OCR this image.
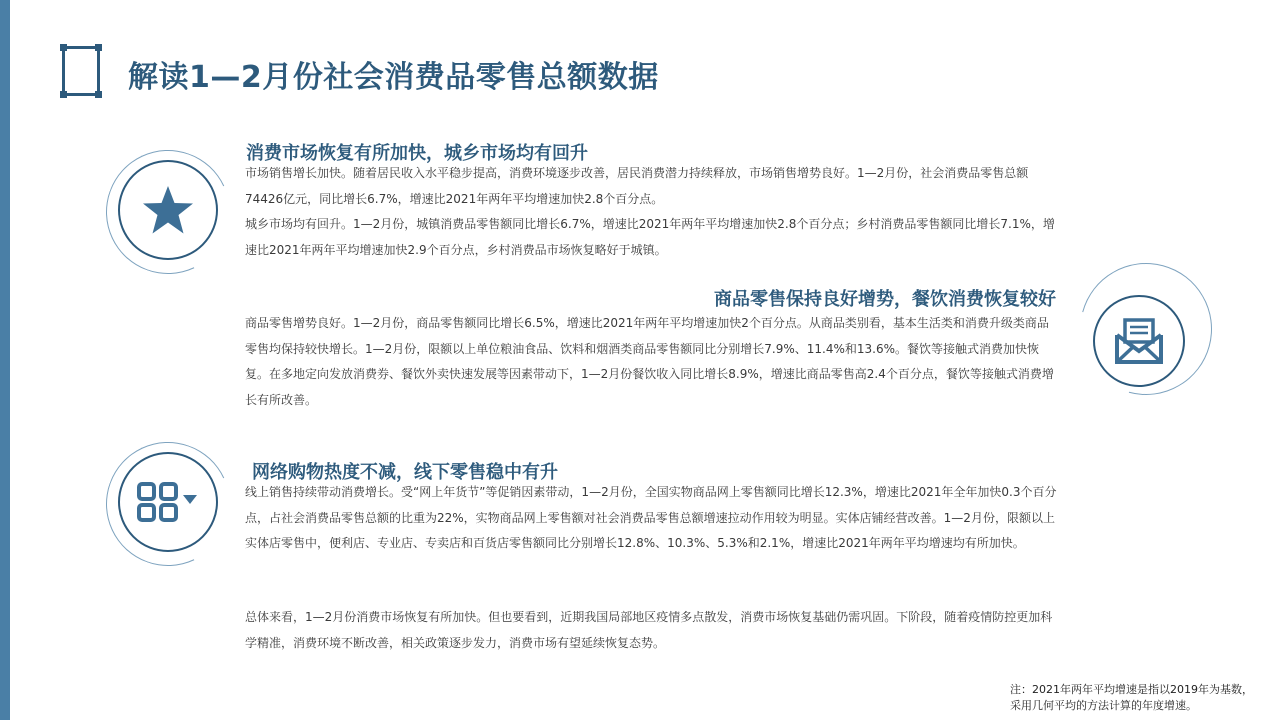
解读1—2月份社会消费品零售总额数据
消费市场恢复有所加快，城乡市场均有回升

市场销售增长加快。随着居民收入水平稳步提高，消费环境逐步改善，居民消费潜力持续释放，市场销售增势良好。1—2月份，社会消费品零售总额74426亿元，同比增长6.7%，增速比2021年两年平均增速加快2.8个百分点。

城乡市场均有回升。1—2月份，城镇消费品零售额同比增长6.7%，增速比2021年两年平均增速加快2.8个百分点；乡村消费品零售额同比增长7.1%，增速比2021年两年平均增速加快2.9个百分点，乡村消费品市场恢复略好于城镇。

商品零售保持良好增势，餐饮消费恢复较好

商品零售增势良好。1—2月份，商品零售额同比增长6.5%，增速比2021年两年平均增速加快2个百分点。从商品类别看，基本生活类和消费升级类商品零售均保持较快增长。1—2月份，限额以上单位粮油食品、饮料和烟酒类商品零售额同比分别增长7.9%、11.4%和13.6%。餐饮等接触式消费加快恢复。在多地定向发放消费券、餐饮外卖快速发展等因素带动下，1—2月份餐饮收入同比增长8.9%，增速比商品零售高2.4个百分点，餐饮等接触式消费增长有所改善。

网络购物热度不减，线下零售稳中有升

线上销售持续带动消费增长。受“网上年货节”等促销因素带动，1—2月份，全国实物商品网上零售额同比增长12.3%，增速比2021年全年加快0.3个百分点，占社会消费品零售总额的比重为22%，实物商品网上零售额对社会消费品零售总额增速拉动作用较为明显。实体店铺经营改善。1—2月份，限额以上实体店零售中，便利店、专业店、专卖店和百货店零售额同比分别增长12.8%、10.3%、5.3%和2.1%，增速比2021年两年平均增速均有所加快。

总体来看，1—2月份消费市场恢复有所加快。但也要看到，近期我国局部地区疫情多点散发，消费市场恢复基础仍需巩固。下阶段，随着疫情防控更加科学精准，消费环境不断改善，相关政策逐步发力，消费市场有望延续恢复态势。

注：2021年两年平均增速是指以2019年为基数，采用几何平均的方法计算的年度增速。
